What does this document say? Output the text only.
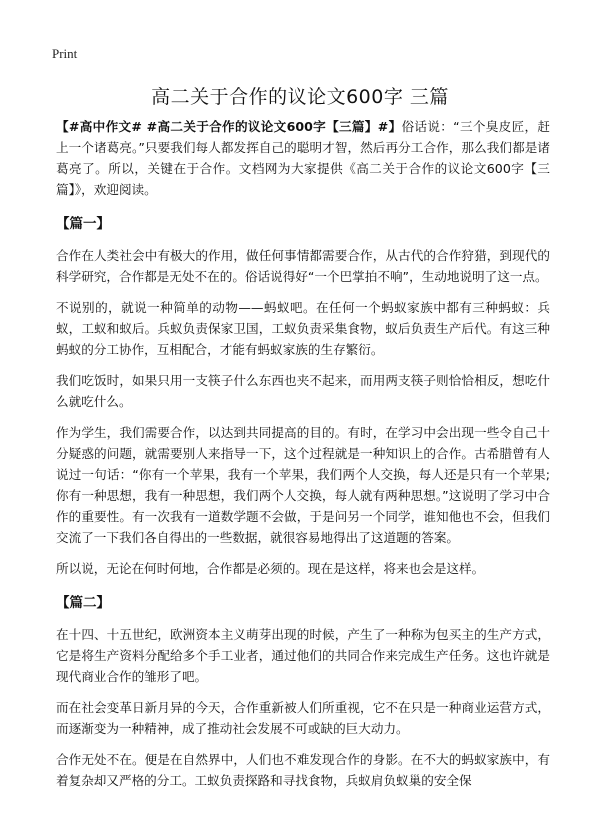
Print
高二关于合作的议论文600字 三篇

【#高中作文# #高二关于合作的议论文600字【三篇】#】俗话说：“三个臭皮匠，赶上一个诸葛亮。”只要我们每人都发挥自己的聪明才智，然后再分工合作，那么我们都是诸葛亮了。所以，关键在于合作。文档网为大家提供《高二关于合作的议论文600字【三篇】》，欢迎阅读。

【篇一】

合作在人类社会中有极大的作用，做任何事情都需要合作，从古代的合作狩猎，到现代的科学研究，合作都是无处不在的。俗话说得好“一个巴掌拍不响”，生动地说明了这一点。

不说别的，就说一种简单的动物——蚂蚁吧。在任何一个蚂蚁家族中都有三种蚂蚁：兵蚁，工蚁和蚁后。兵蚁负责保家卫国，工蚁负责采集食物，蚁后负责生产后代。有这三种蚂蚁的分工协作，互相配合，才能有蚂蚁家族的生存繁衍。

我们吃饭时，如果只用一支筷子什么东西也夹不起来，而用两支筷子则恰恰相反，想吃什么就吃什么。

作为学生，我们需要合作，以达到共同提高的目的。有时，在学习中会出现一些令自己十分疑惑的问题，就需要别人来指导一下，这个过程就是一种知识上的合作。古希腊曾有人说过一句话：“你有一个苹果，我有一个苹果，我们两个人交换，每人还是只有一个苹果;你有一种思想，我有一种思想，我们两个人交换，每人就有两种思想。”这说明了学习中合作的重要性。有一次我有一道数学题不会做，于是问另一个同学，谁知他也不会，但我们交流了一下我们各自得出的一些数据，就很容易地得出了这道题的答案。

所以说，无论在何时何地，合作都是必须的。现在是这样，将来也会是这样。

【篇二】

在十四、十五世纪，欧洲资本主义萌芽出现的时候，产生了一种称为包买主的生产方式，它是将生产资料分配给多个手工业者，通过他们的共同合作来完成生产任务。这也许就是现代商业合作的雏形了吧。

而在社会变革日新月异的今天，合作重新被人们所重视，它不在只是一种商业运营方式，而逐渐变为一种精神，成了推动社会发展不可或缺的巨大动力。

合作无处不在。便是在自然界中，人们也不难发现合作的身影。在不大的蚂蚁家族中，有着复杂却又严格的分工。工蚁负责探路和寻找食物，兵蚁肩负蚁巢的安全保
